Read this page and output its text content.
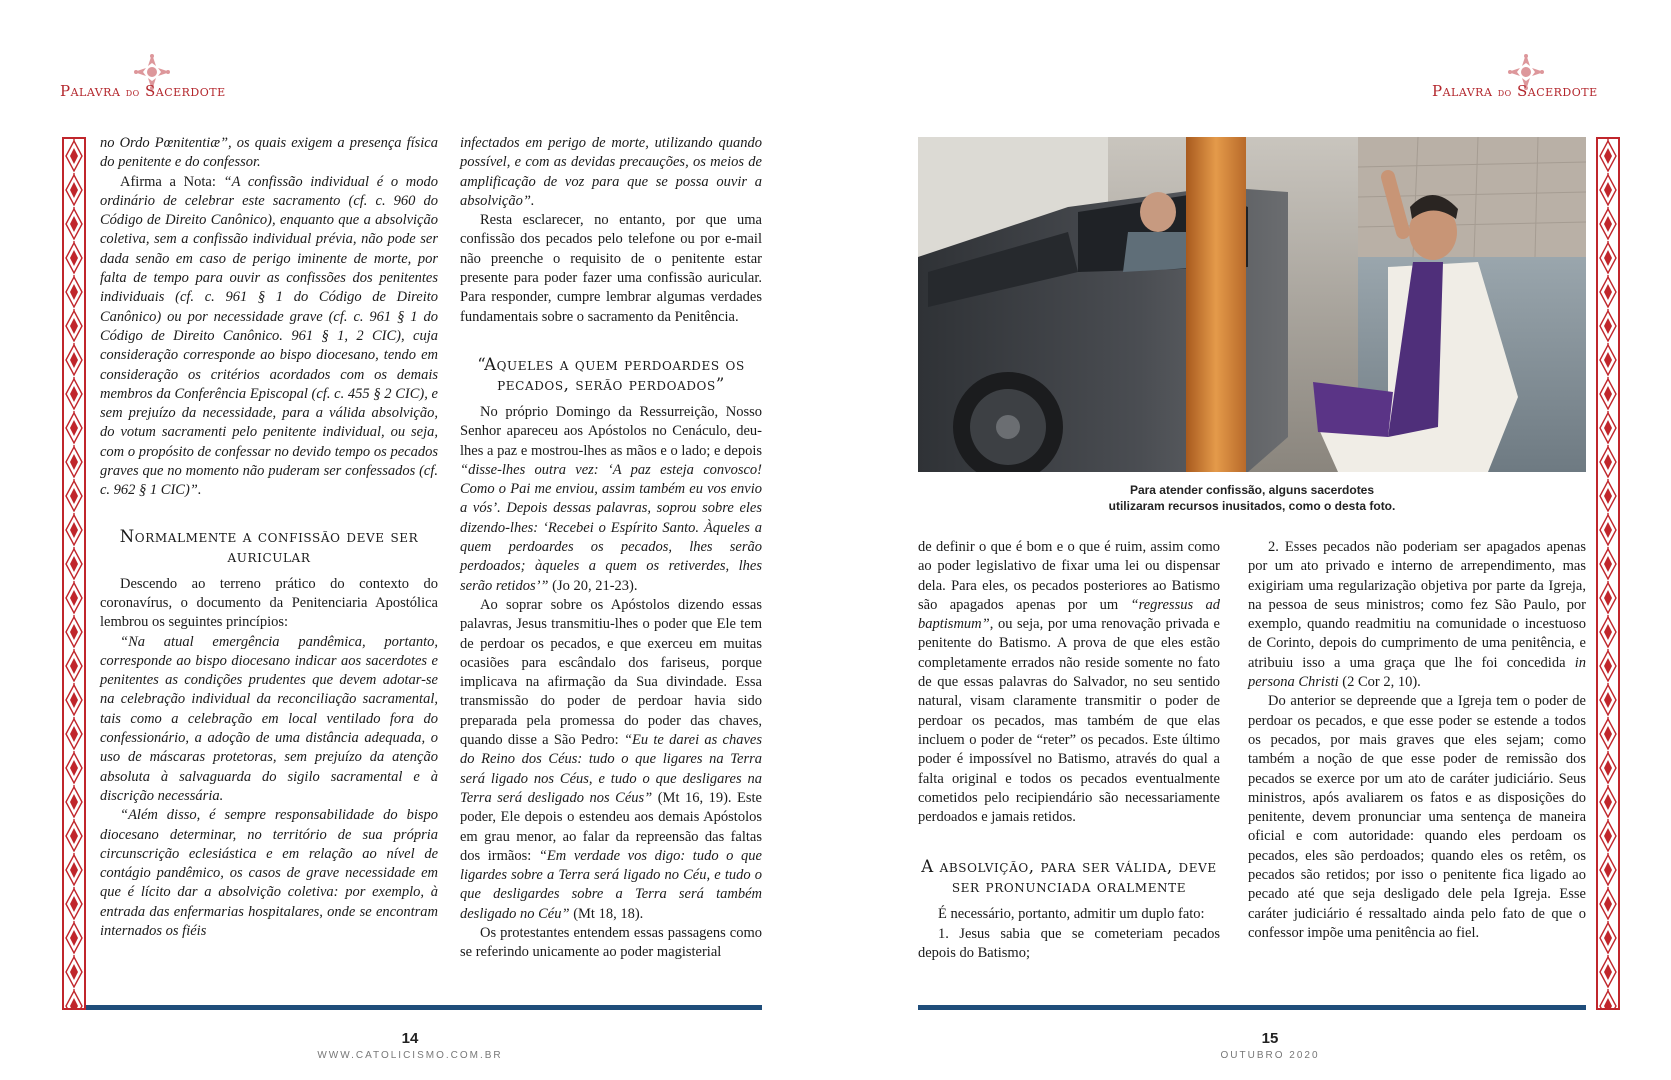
Palavra do Sacerdote

no Ordo Pœnitentiæ”, os quais exigem a presença física do penitente e do confessor.

Afirma a Nota: “A confissão individual é o modo ordinário de celebrar este sacramento (cf. c. 960 do Código de Direito Canônico), enquanto que a absolvição coletiva, sem a confissão individual prévia, não pode ser dada senão em caso de perigo iminente de morte, por falta de tempo para ouvir as confissões dos penitentes individuais (cf. c. 961 § 1 do Código de Direito Canônico) ou por necessidade grave (cf. c. 961 § 1 do Código de Direito Canônico. 961 § 1, 2 CIC), cuja consideração corresponde ao bispo diocesano, tendo em consideração os critérios acordados com os demais membros da Conferência Episcopal (cf. c. 455 § 2 CIC), e sem prejuízo da necessidade, para a válida absolvição, do votum sacramenti pelo penitente individual, ou seja, com o propósito de confessar no devido tempo os pecados graves que no momento não puderam ser confessados (cf. c. 962 § 1 CIC)”.

Normalmente a confissão deve ser auricular

Descendo ao terreno prático do contexto do coronavírus, o documento da Penitenciaria Apostólica lembrou os seguintes princípios:

“Na atual emergência pandêmica, portanto, corresponde ao bispo diocesano indicar aos sacerdotes e penitentes as condições prudentes que devem adotar-se na celebração individual da reconciliação sacramental, tais como a celebração em local ventilado fora do confessionário, a adoção de uma distância adequada, o uso de máscaras protetoras, sem prejuízo da atenção absoluta à salvaguarda do sigilo sacramental e à discrição necessária.

“Além disso, é sempre responsabilidade do bispo diocesano determinar, no território de sua própria circunscrição eclesiástica e em relação ao nível de contágio pandêmico, os casos de grave necessidade em que é lícito dar a absolvição coletiva: por exemplo, à entrada das enfermarias hospitalares, onde se encontram internados os fiéis

infectados em perigo de morte, utilizando quando possível, e com as devidas precauções, os meios de amplificação de voz para que se possa ouvir a absolvição”.

Resta esclarecer, no entanto, por que uma confissão dos pecados pelo telefone ou por e-mail não preenche o requisito de o penitente estar presente para poder fazer uma confissão auricular. Para responder, cumpre lembrar algumas verdades fundamentais sobre o sacramento da Penitência.

“Aqueles a quem perdoardes os pecados, serão perdoados”

No próprio Domingo da Ressurreição, Nosso Senhor apareceu aos Apóstolos no Cenáculo, deu-lhes a paz e mostrou-lhes as mãos e o lado; e depois “disse-lhes outra vez: ‘A paz esteja convosco! Como o Pai me enviou, assim também eu vos envio a vós’. Depois dessas palavras, soprou sobre eles dizendo-lhes: ‘Recebei o Espírito Santo. Àqueles a quem perdoardes os pecados, lhes serão perdoados; àqueles a quem os retiverdes, lhes serão retidos’” (Jo 20, 21-23).

Ao soprar sobre os Apóstolos dizendo essas palavras, Jesus transmitiu-lhes o poder que Ele tem de perdoar os pecados, e que exerceu em muitas ocasiões para escândalo dos fariseus, porque implicava na afirmação da Sua divindade. Essa transmissão do poder de perdoar havia sido preparada pela promessa do poder das chaves, quando disse a São Pedro: “Eu te darei as chaves do Reino dos Céus: tudo o que ligares na Terra será ligado nos Céus, e tudo o que desligares na Terra será desligado nos Céus” (Mt 16, 19). Este poder, Ele depois o estendeu aos demais Apóstolos em grau menor, ao falar da repreensão das faltas dos irmãos: “Em verdade vos digo: tudo o que ligardes sobre a Terra será ligado no Céu, e tudo o que desligardes sobre a Terra será também desligado no Céu” (Mt 18, 18).

Os protestantes entendem essas passagens como se referindo unicamente ao poder magisterial

14
WWW.CATOLICISMO.COM.BR
Palavra do Sacerdote
Para atender confissão, alguns sacerdotes
utilizaram recursos inusitados, como o desta foto.

de definir o que é bom e o que é ruim, assim como ao poder legislativo de fixar uma lei ou dispensar dela. Para eles, os pecados posteriores ao Batismo são apagados apenas por um “regressus ad baptismum”, ou seja, por uma renovação privada e penitente do Batismo. A prova de que eles estão completamente errados não reside somente no fato de que essas palavras do Salvador, no seu sentido natural, visam claramente transmitir o poder de perdoar os pecados, mas também de que elas incluem o poder de “reter” os pecados. Este último poder é impossível no Batismo, através do qual a falta original e todos os pecados eventualmente cometidos pelo recipiendário são necessariamente perdoados e jamais retidos.

A absolvição, para ser válida, deve ser pronunciada oralmente

É necessário, portanto, admitir um duplo fato:

1. Jesus sabia que se cometeriam pecados depois do Batismo;

2. Esses pecados não poderiam ser apagados apenas por um ato privado e interno de arrependimento, mas exigiriam uma regularização objetiva por parte da Igreja, na pessoa de seus ministros; como fez São Paulo, por exemplo, quando readmitiu na comunidade o incestuoso de Corinto, depois do cumprimento de uma penitência, e atribuiu isso a uma graça que lhe foi concedida in persona Christi (2 Cor 2, 10).

Do anterior se depreende que a Igreja tem o poder de perdoar os pecados, e que esse poder se estende a todos os pecados, por mais graves que eles sejam; como também a noção de que esse poder de remissão dos pecados se exerce por um ato de caráter judiciário. Seus ministros, após avaliarem os fatos e as disposições do penitente, devem pronunciar uma sentença de maneira oficial e com autoridade: quando eles perdoam os pecados, eles são perdoados; quando eles os retêm, os pecados são retidos; por isso o penitente fica ligado ao pecado até que seja desligado dele pela Igreja. Esse caráter judiciário é ressaltado ainda pelo fato de que o confessor impõe uma penitência ao fiel.

15
OUTUBRO 2020
